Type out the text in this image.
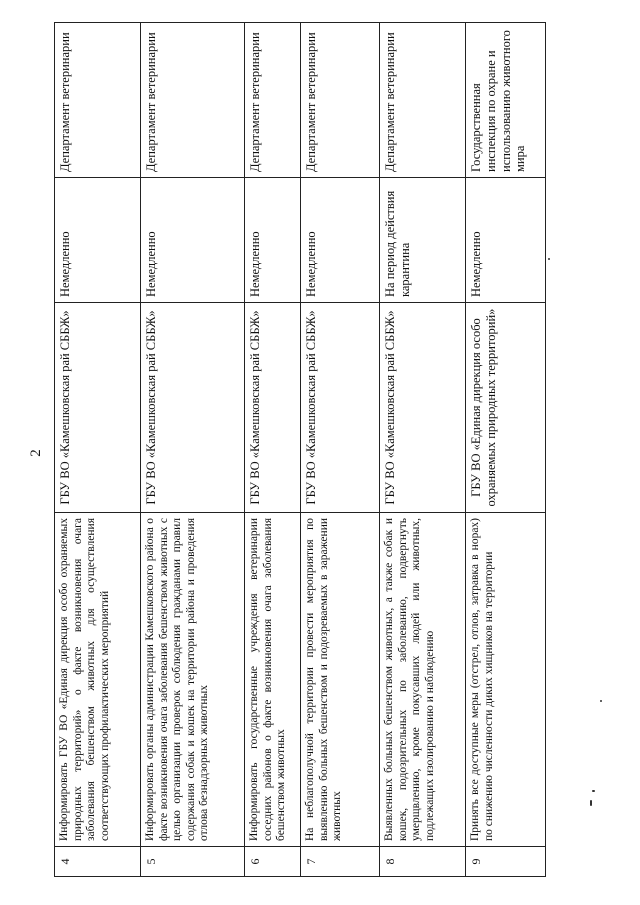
2
4	Информировать ГБУ ВО «Единая дирекция особо охраняемых природных территорий» о факте возникновения очага заболевания бешенством животных для осуществления соответствующих профилактических мероприятий	ГБУ ВО «Камешковская рай СББЖ»	Немедленно	Департамент ветеринарии
5	Информировать органы администрации Камешковского района о факте возникновения очага заболевания бешенством животных с целью организации проверок соблюдения гражданами правил содержания собак и кошек на территории района и проведения отлова безнадзорных животных	ГБУ ВО «Камешковская рай СББЖ»	Немедленно	Департамент ветеринарии
6	Информировать государственные учреждения ветеринарии соседних районов о факте возникновения очага заболевания бешенством животных	ГБУ ВО «Камешковская рай СББЖ»	Немедленно	Департамент ветеринарии
7	На неблагополучной территории провести мероприятия по выявлению больных бешенством и подозреваемых в заражении животных	ГБУ ВО «Камешковская рай СББЖ»	Немедленно	Департамент ветеринарии
8	Выявленных больных бешенством животных, а также собак и кошек, подозрительных по заболеванию, подвергнуть умерщвлению, кроме покусавших людей или животных, подлежащих изолированию и наблюдению	ГБУ ВО «Камешковская рай СББЖ»	На период действия карантина	Департамент ветеринарии
9	Принять все доступные меры (отстрел, отлов, затравка в норах) по снижению численности диких хищников на территории	ГБУ ВО «Единая дирекция особо охраняемых природных территорий»	Немедленно	Государственная инспекция по охране и использованию животного мира
